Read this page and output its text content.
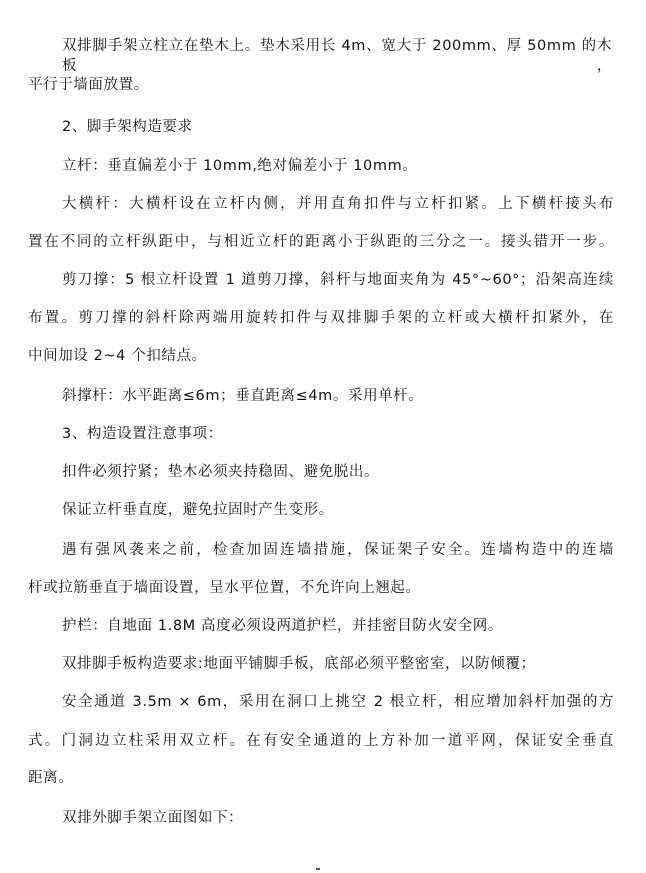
双排脚手架立柱立在垫木上。垫木采用长 4m、宽大于 200mm、厚 50mm 的木板，
平行于墙面放置。
2、脚手架构造要求
立杆：垂直偏差小于 10mm,绝对偏差小于 10mm。
大横杆：大横杆设在立杆内侧，并用直角扣件与立杆扣紧。上下横杆接头布
置在不同的立杆纵距中，与相近立杆的距离小于纵距的三分之一。接头错开一步。
剪刀撑：5 根立杆设置 1 道剪刀撑，斜杆与地面夹角为 45°~60°；沿架高连续
布置。剪刀撑的斜杆除两端用旋转扣件与双排脚手架的立杆或大横杆扣紧外，在
中间加设 2~4 个扣结点。
斜撑杆：水平距离≤6m；垂直距离≤4m。采用单杆。
3、构造设置注意事项：
扣件必须拧紧；垫木必须夹持稳固、避免脱出。
保证立杆垂直度，避免拉固时产生变形。
遇有强风袭来之前，检查加固连墙措施，保证架子安全。连墙构造中的连墙
杆或拉筋垂直于墙面设置，呈水平位置，不允许向上翘起。
护栏：自地面 1.8M 高度必须设两道护栏，并挂密目防火安全网。
双排脚手板构造要求:地面平铺脚手板，底部必须平整密室，以防倾覆；
安全通道 3.5m × 6m，采用在洞口上挑空 2 根立杆，相应增加斜杆加强的方
式。门洞边立柱采用双立杆。在有安全通道的上方补加一道平网，保证安全垂直
距离。
双排外脚手架立面图如下：
